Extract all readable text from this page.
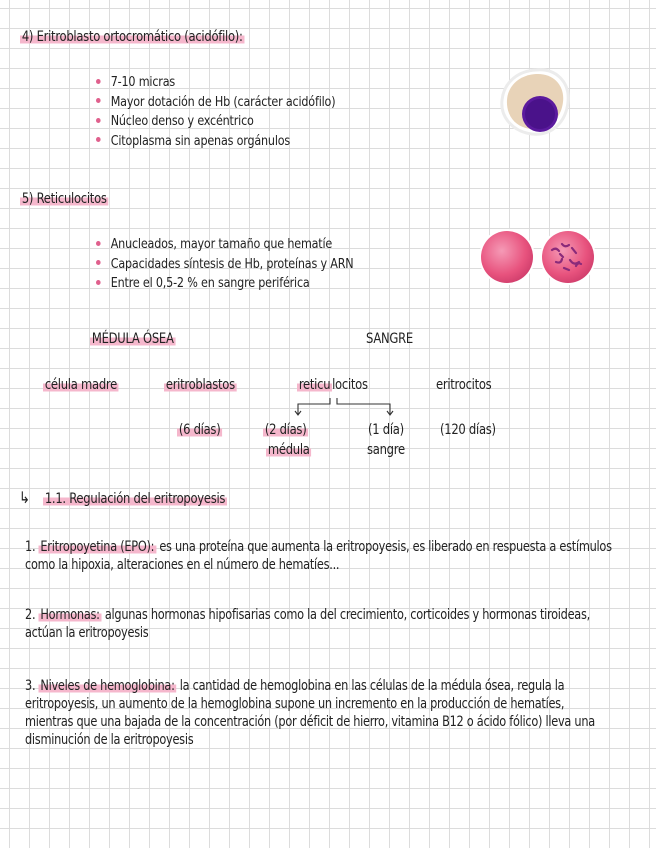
4) Eritroblasto ortocromático (acidófilo):
7-10 micras
Mayor dotación de Hb (carácter acidófilo)
Núcleo denso y excéntrico
Citoplasma sin apenas orgánulos
5) Reticulocitos
Anucleados, mayor tamaño que hematíe
Capacidades síntesis de Hb, proteínas y ARN
Entre el 0,5-2 % en sangre periférica
MÉDULA ÓSEA	SANGRE
célula madre	eritroblastos	reticu locitos	eritrocitos
(6 días)	(2 días)
médula
(1 día)
sangre
(120 días)
↳ 1.1. Regulación del eritropoyesis
1. Eritropoyetina (EPO): es una proteína que aumenta la eritropoyesis, es liberado en respuesta a estímulos como la hipoxia, alteraciones en el número de hematíes...
2. Hormonas: algunas hormonas hipofisarias como la del crecimiento, corticoides y hormonas tiroideas, actúan la eritropoyesis
3. Niveles de hemoglobina: la cantidad de hemoglobina en las células de la médula ósea, regula la eritropoyesis, un aumento de la hemoglobina supone un incremento en la producción de hematíes, mientras que una bajada de la concentración (por déficit de hierro, vitamina B12 o ácido fólico) lleva una disminución de la eritropoyesis
